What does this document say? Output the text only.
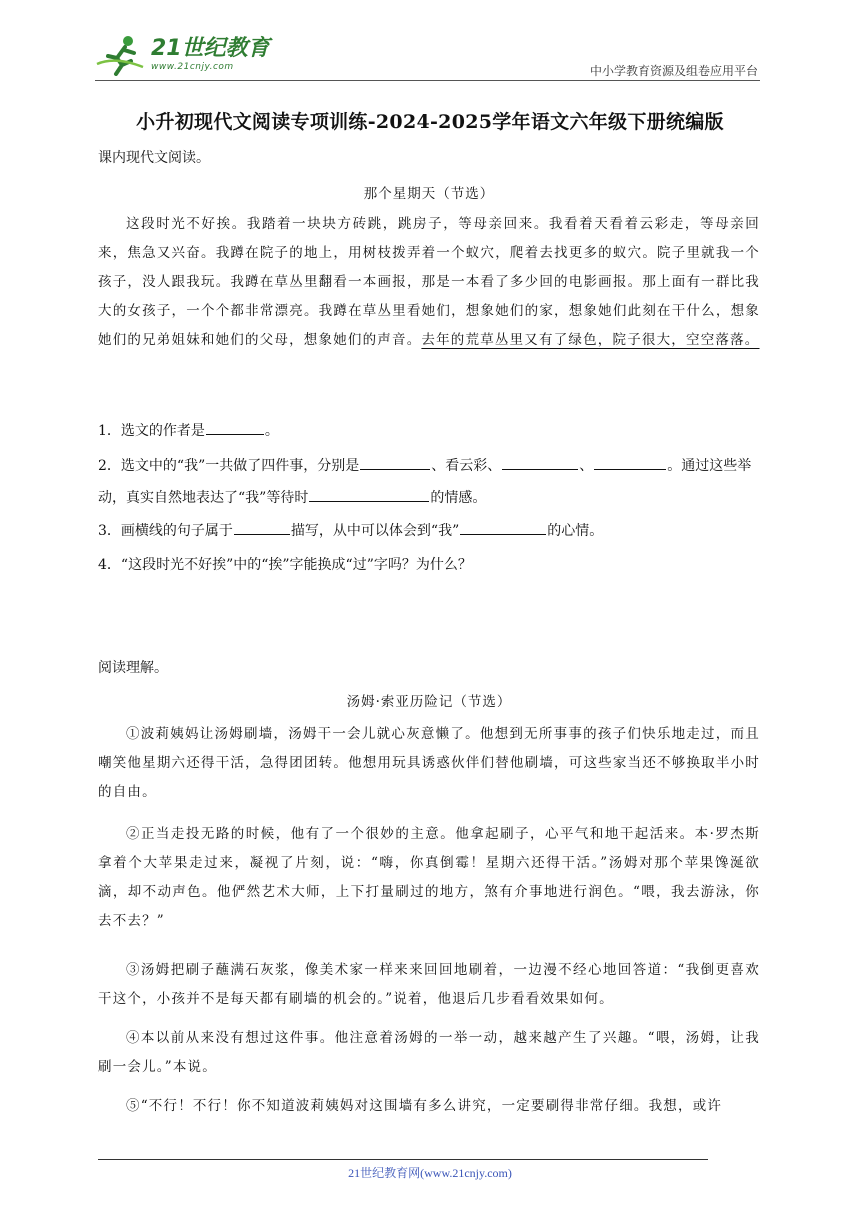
21世纪教育
www.21cnjy.com	中小学教育资源及组卷应用平台
小升初现代文阅读专项训练-2024-2025学年语文六年级下册统编版

课内现代文阅读。

那个星期天（节选）

这段时光不好挨。我踏着一块块方砖跳，跳房子，等母亲回来。我看着天看着云彩走，等母亲回来，焦急又兴奋。我蹲在院子的地上，用树枝拨弄着一个蚁穴，爬着去找更多的蚁穴。院子里就我一个孩子，没人跟我玩。我蹲在草丛里翻看一本画报，那是一本看了多少回的电影画报。那上面有一群比我大的女孩子，一个个都非常漂亮。我蹲在草丛里看她们，想象她们的家，想象她们此刻在干什么，想象她们的兄弟姐妹和她们的父母，想象她们的声音。去年的荒草丛里又有了绿色，院子很大，空空落落。

1．选文的作者是	。

2．选文中的“我”一共做了四件事，分别是	、看云彩、	、	。通过这些举动，真实自然地表达了“我”等待时	的情感。

3．画横线的句子属于	描写，从中可以体会到“我”	的心情。

4．“这段时光不好挨”中的“挨”字能换成“过”字吗？为什么？

阅读理解。

汤姆·索亚历险记（节选）

①波莉姨妈让汤姆刷墙，汤姆干一会儿就心灰意懒了。他想到无所事事的孩子们快乐地走过，而且嘲笑他星期六还得干活，急得团团转。他想用玩具诱惑伙伴们替他刷墙，可这些家当还不够换取半小时的自由。

②正当走投无路的时候，他有了一个很妙的主意。他拿起刷子，心平气和地干起活来。本·罗杰斯拿着个大苹果走过来，凝视了片刻，说：“嗨，你真倒霉！星期六还得干活。”汤姆对那个苹果馋涎欲滴，却不动声色。他俨然艺术大师，上下打量刷过的地方，煞有介事地进行润色。“喂，我去游泳，你去不去？”

③汤姆把刷子蘸满石灰浆，像美术家一样来来回回地刷着，一边漫不经心地回答道：“我倒更喜欢干这个，小孩并不是每天都有刷墙的机会的。”说着，他退后几步看看效果如何。

④本以前从来没有想过这件事。他注意着汤姆的一举一动，越来越产生了兴趣。“喂，汤姆，让我刷一会儿。”本说。

⑤“不行！不行！你不知道波莉姨妈对这围墙有多么讲究，一定要刷得非常仔细。我想，或许

21世纪教育网(www.21cnjy.com)
